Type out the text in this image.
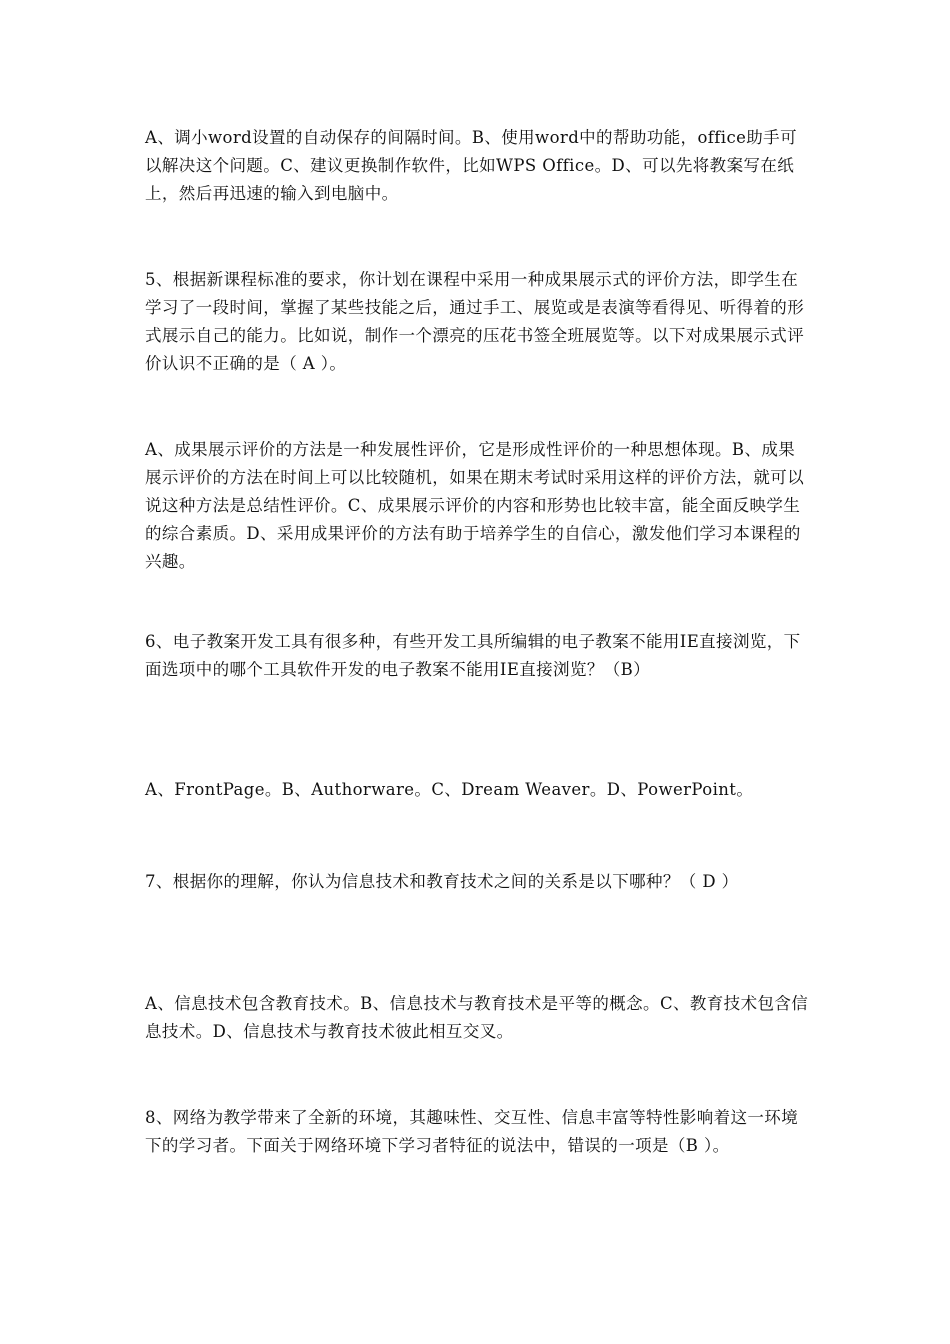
A、调小word设置的自动保存的间隔时间。B、使用word中的帮助功能，office助手可以解决这个问题。C、建议更换制作软件，比如WPS Office。D、可以先将教案写在纸上，然后再迅速的输入到电脑中。

5、根据新课程标准的要求，你计划在课程中采用一种成果展示式的评价方法，即学生在学习了一段时间，掌握了某些技能之后，通过手工、展览或是表演等看得见、听得着的形式展示自己的能力。比如说，制作一个漂亮的压花书签全班展览等。以下对成果展示式评价认识不正确的是（ A ）。

A、成果展示评价的方法是一种发展性评价，它是形成性评价的一种思想体现。B、成果展示评价的方法在时间上可以比较随机，如果在期末考试时采用这样的评价方法，就可以说这种方法是总结性评价。C、成果展示评价的内容和形势也比较丰富，能全面反映学生的综合素质。D、采用成果评价的方法有助于培养学生的自信心，激发他们学习本课程的兴趣。

6、电子教案开发工具有很多种，有些开发工具所编辑的电子教案不能用IE直接浏览，下面选项中的哪个工具软件开发的电子教案不能用IE直接浏览？（B）

A、FrontPage。B、Authorware。C、Dream Weaver。D、PowerPoint。

7、根据你的理解，你认为信息技术和教育技术之间的关系是以下哪种？（ D ）

A、信息技术包含教育技术。B、信息技术与教育技术是平等的概念。C、教育技术包含信息技术。D、信息技术与教育技术彼此相互交叉。

8、网络为教学带来了全新的环境，其趣味性、交互性、信息丰富等特性影响着这一环境下的学习者。下面关于网络环境下学习者特征的说法中，错误的一项是（B ）。
